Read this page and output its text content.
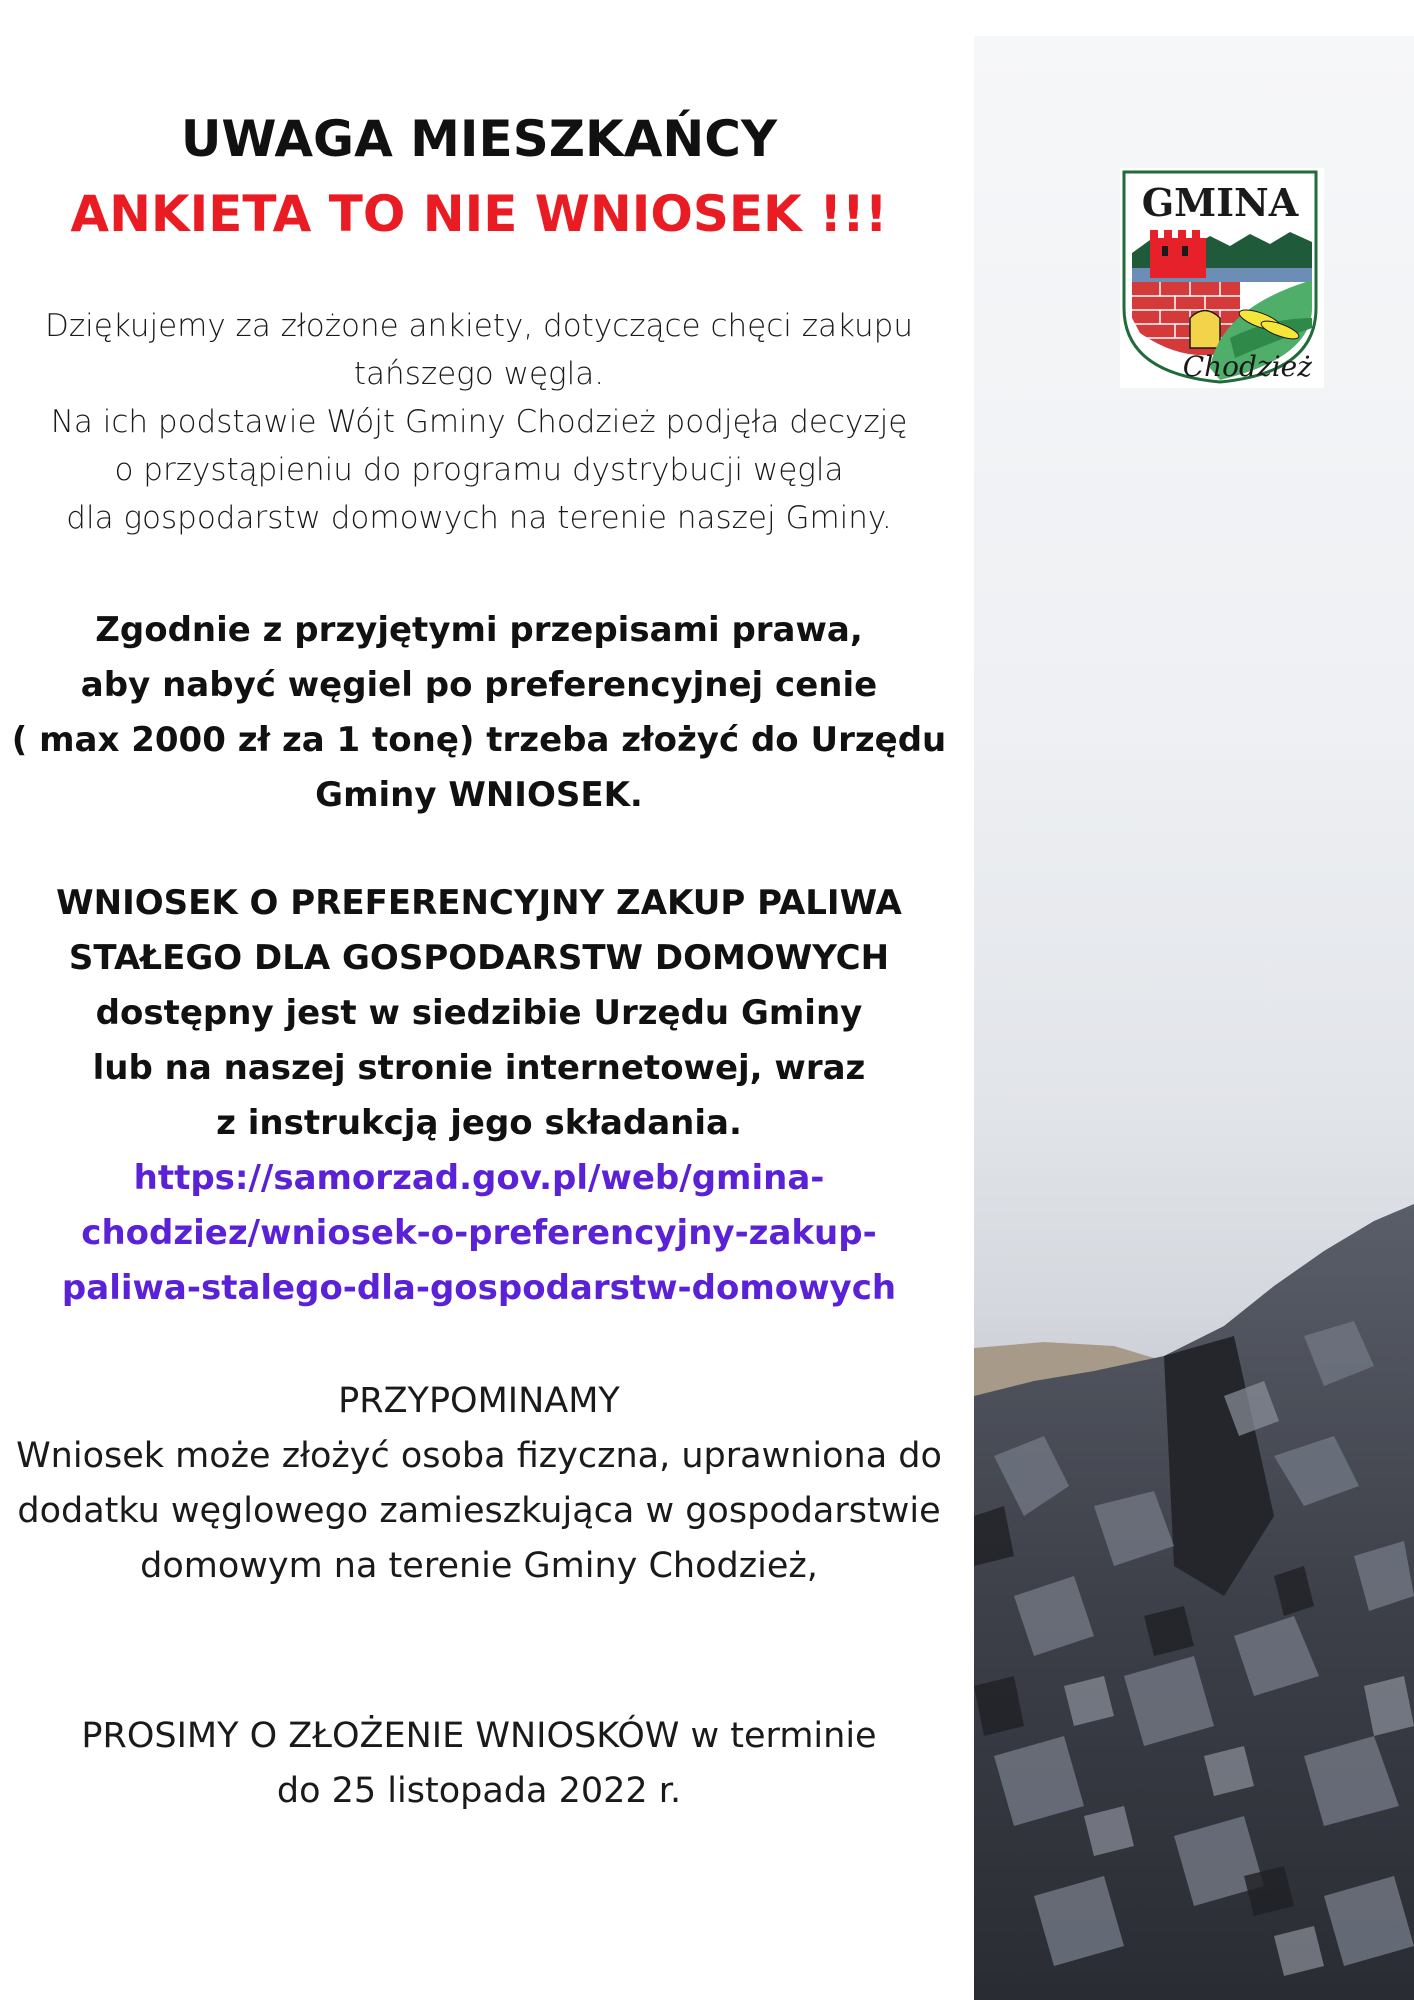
UWAGA MIESZKAŃCY
ANKIETA TO NIE WNIOSEK !!!
Dziękujemy za złożone ankiety, dotyczące chęci zakupu
tańszego węgla.
Na ich podstawie Wójt Gminy Chodzież podjęła decyzję
o przystąpieniu do programu dystrybucji węgla
dla gospodarstw domowych na terenie naszej Gminy.
Zgodnie z przyjętymi przepisami prawa,
aby nabyć węgiel po preferencyjnej cenie
( max 2000 zł za 1 tonę) trzeba złożyć do Urzędu
Gminy WNIOSEK.
WNIOSEK O PREFERENCYJNY ZAKUP PALIWA
STAŁEGO DLA GOSPODARSTW DOMOWYCH
dostępny jest w siedzibie Urzędu Gminy
lub na naszej stronie internetowej, wraz
z instrukcją jego składania.
https://samorzad.gov.pl/web/gmina-
chodziez/wniosek-o-preferencyjny-zakup-
paliwa-stalego-dla-gospodarstw-domowych
PRZYPOMINAMY
Wniosek może złożyć osoba fizyczna, uprawniona do
dodatku węglowego zamieszkująca w gospodarstwie
domowym na terenie Gminy Chodzież,
PROSIMY O ZŁOŻENIE WNIOSKÓW w terminie
do 25 listopada 2022 r.
GMINA
Chodzież
